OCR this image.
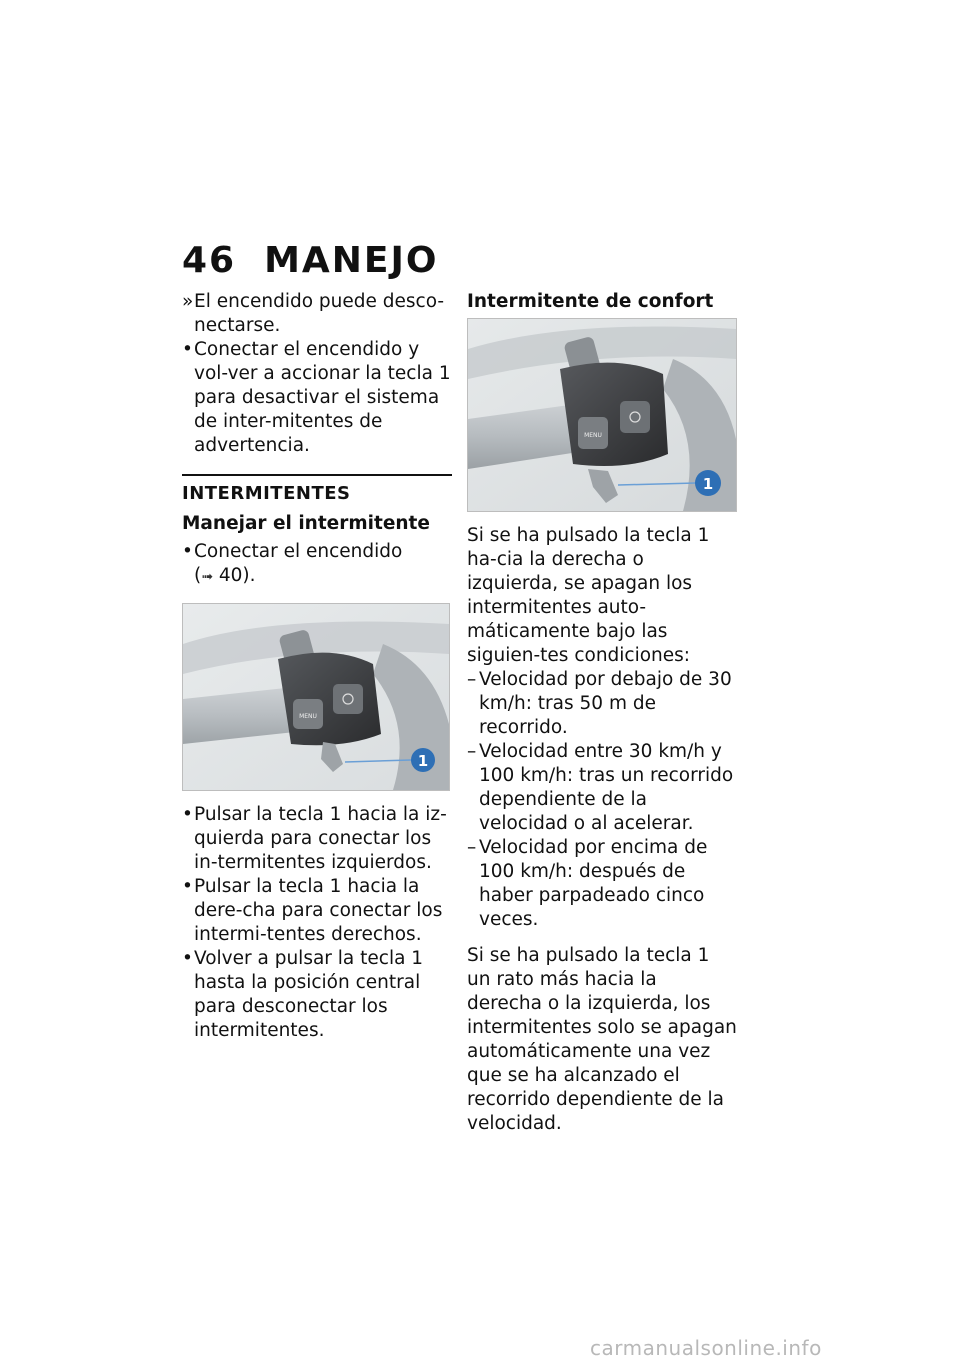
46 MANEJO
» El encendido puede desco-nectarse.
• Conectar el encendido y vol-ver a accionar la tecla 1 para desactivar el sistema de inter-mitentes de advertencia.
INTERMITENTES
Manejar el intermitente
• Conectar el encendido
(➟ 40).
MENU
1
• Pulsar la tecla 1 hacia la iz-quierda para conectar los in-termitentes izquierdos.
• Pulsar la tecla 1 hacia la dere-cha para conectar los intermi-tentes derechos.
• Volver a pulsar la tecla 1 hasta la posición central para desconectar los intermitentes.
Intermitente de confort
MENU
1

Si se ha pulsado la tecla 1 ha-cia la derecha o izquierda, se apagan los intermitentes auto-máticamente bajo las siguien-tes condiciones:

– Velocidad por debajo de 30 km/h: tras 50 m de recorrido.
– Velocidad entre 30 km/h y 100 km/h: tras un recorrido dependiente de la velocidad o al acelerar.
– Velocidad por encima de 100 km/h: después de haber parpadeado cinco veces.

Si se ha pulsado la tecla 1 un rato más hacia la derecha o la izquierda, los intermitentes solo se apagan automáticamente una vez que se ha alcanzado el recorrido dependiente de la velocidad.

carmanualsonline.info
